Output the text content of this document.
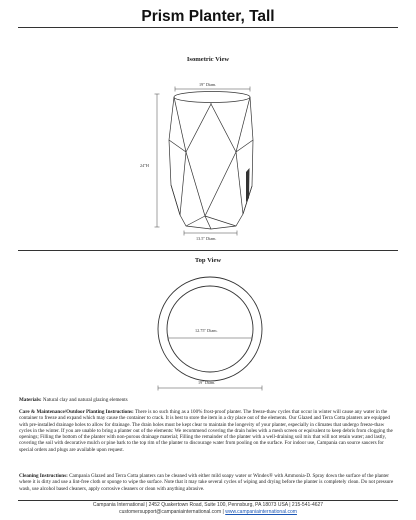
Prism Planter, Tall
Isometric View
19" Diam.
24"H
13.5" Diam.
Top View
12.75" Diam.
19" Diam.

Materials: Natural clay and natural glazing elements

Care & Maintenance/Outdoor Planting Instructions: There is no such thing as a 100% frost-proof planter. The freeze-thaw cycles that occur in winter will cause any water in the container to freeze and expand which may cause the container to crack. It is best to store the item in a dry place out of the elements. Our Glazed and Terra Cotta planters are equipped with pre-installed drainage holes to allow for drainage. The drain holes must be kept clear to maintain the longevity of your planter, especially in climates that undergo freeze-thaw cycles in the winter. If you are unable to bring a planter out of the elements: We recommend covering the drain holes with a mesh screen or equivalent to keep debris from clogging the openings; Filling the bottom of the planter with non-porous drainage material; Filling the remainder of the planter with a well-draining soil mix that will not retain water; and lastly, covering the soil with decorative mulch or pine bark to the top rim of the planter to discourage water from pooling on the surface. For indoor use, Campania can source saucers for special orders and plugs are available upon request.

Cleaning Instructions: Campania Glazed and Terra Cotta planters can be cleaned with either mild soapy water or Windex® with Ammonia-D. Spray down the surface of the planter where it is dirty and use a lint-free cloth or sponge to wipe the surface. Note that it may take several cycles of wiping and drying before the planter is completely clean. Do not pressure wash, use alcohol based cleaners, apply corrosive cleaners or clean with anything abrasive.

Campania International | 2452 Quakertown Road, Suite 100, Pennsburg, PA 18073 USA | 215-541-4627
customersupport@campaniainternational.com | www.campaniainternational.com
